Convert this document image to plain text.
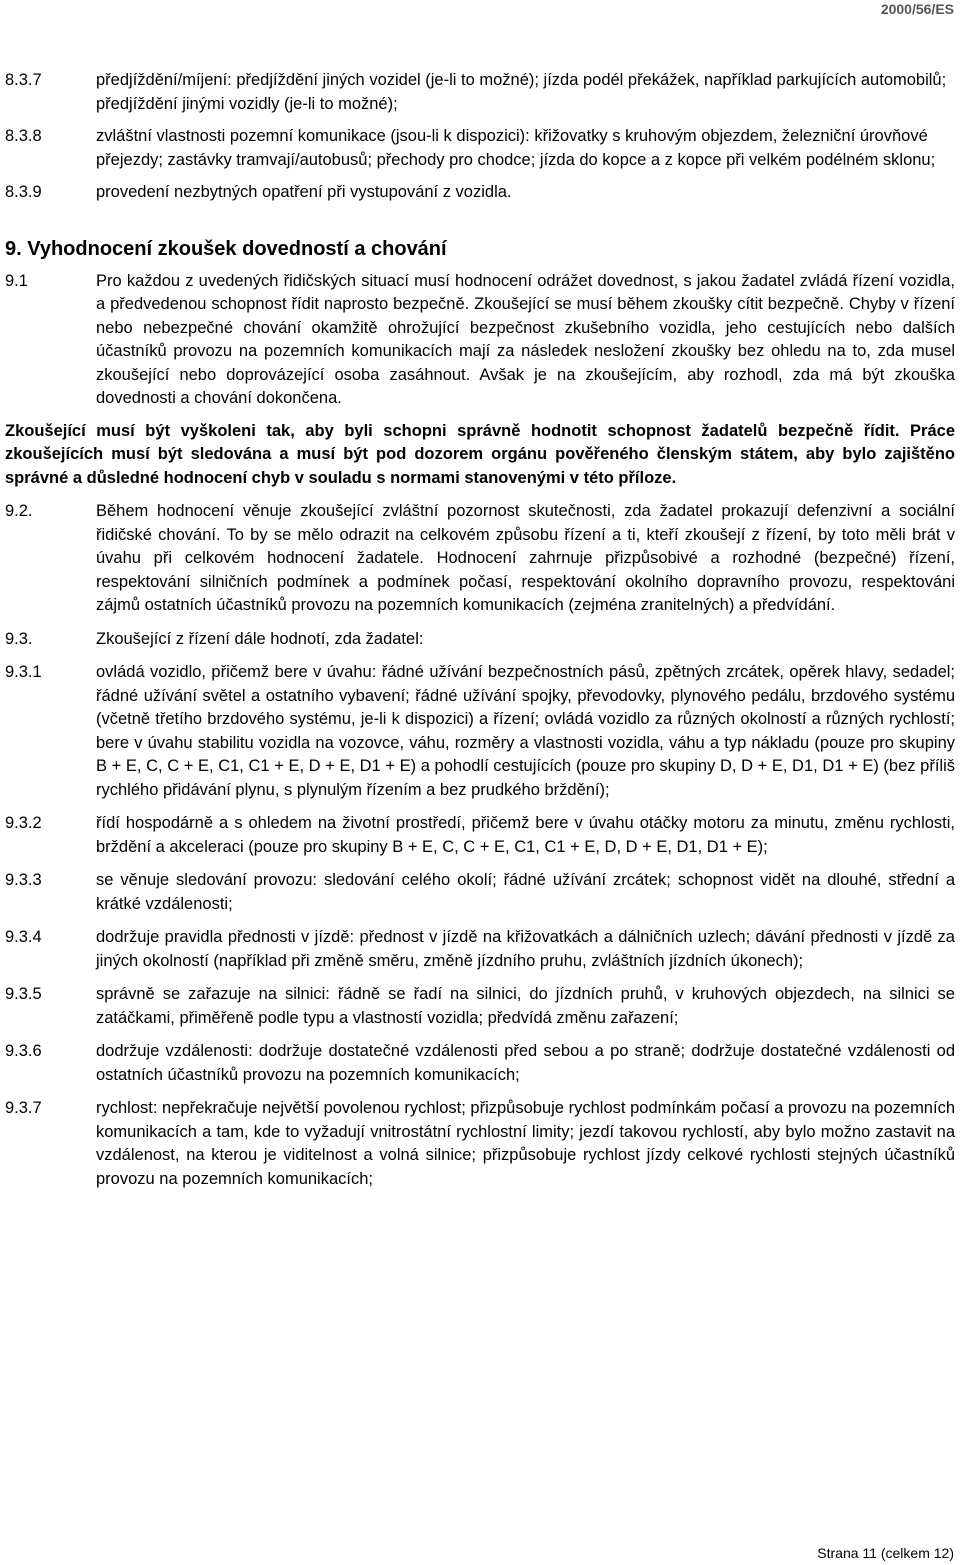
2000/56/ES
8.3.7	předjíždění/míjení: předjíždění jiných vozidel (je-li to možné); jízda podél překážek, například parkujících automobilů; předjíždění jinými vozidly (je-li to možné);
8.3.8	zvláštní vlastnosti pozemní komunikace (jsou-li k dispozici): křižovatky s kruhovým objezdem, železniční úrovňové přejezdy; zastávky tramvají/autobusů; přechody pro chodce; jízda do kopce a z kopce při velkém podélném sklonu;
8.3.9	provedení nezbytných opatření při vystupování z vozidla.
9. Vyhodnocení zkoušek dovedností a chování
9.1	Pro každou z uvedených řidičských situací musí hodnocení odrážet dovednost, s jakou žadatel zvládá řízení vozidla, a předvedenou schopnost řídit naprosto bezpečně. Zkoušející se musí během zkoušky cítit bezpečně. Chyby v řízení nebo nebezpečné chování okamžitě ohrožující bezpečnost zkušebního vozidla, jeho cestujících nebo dalších účastníků provozu na pozemních komunikacích mají za následek nesložení zkoušky bez ohledu na to, zda musel zkoušející nebo doprovázející osoba zasáhnout. Avšak je na zkoušejícím, aby rozhodl, zda má být zkouška dovednosti a chování dokončena.
Zkoušející musí být vyškoleni tak, aby byli schopni správně hodnotit schopnost žadatelů bezpečně řídit. Práce zkoušejících musí být sledována a musí být pod dozorem orgánu pověřeného členským státem, aby bylo zajištěno správné a důsledné hodnocení chyb v souladu s normami stanovenými v této příloze.
9.2.	Během hodnocení věnuje zkoušející zvláštní pozornost skutečnosti, zda žadatel prokazují defenzivní a sociální řidičské chování. To by se mělo odrazit na celkovém způsobu řízení a ti, kteří zkoušejí z řízení, by toto měli brát v úvahu při celkovém hodnocení žadatele. Hodnocení zahrnuje přizpůsobivé a rozhodné (bezpečné) řízení, respektování silničních podmínek a podmínek počasí, respektování okolního dopravního provozu, respektováni zájmů ostatních účastníků provozu na pozemních komunikacích (zejména zranitelných) a předvídání.
9.3.	Zkoušející z řízení dále hodnotí, zda žadatel:
9.3.1	ovládá vozidlo, přičemž bere v úvahu: řádné užívání bezpečnostních pásů, zpětných zrcátek, opěrek hlavy, sedadel; řádné užívání světel a ostatního vybavení; řádné užívání spojky, převodovky, plynového pedálu, brzdového systému (včetně třetího brzdového systému, je-li k dispozici) a řízení; ovládá vozidlo za různých okolností a různých rychlostí; bere v úvahu stabilitu vozidla na vozovce, váhu, rozměry a vlastnosti vozidla, váhu a typ nákladu (pouze pro skupiny B + E, C, C + E, C1, C1 + E, D + E, D1 + E) a pohodlí cestujících (pouze pro skupiny D, D + E, D1, D1 + E) (bez příliš rychlého přidávání plynu, s plynulým řízením a bez prudkého brždění);
9.3.2	řídí hospodárně a s ohledem na životní prostředí, přičemž bere v úvahu otáčky motoru za minutu, změnu rychlosti, brždění a akceleraci (pouze pro skupiny B + E, C, C + E, C1, C1 + E, D, D + E, D1, D1 + E);
9.3.3	se věnuje sledování provozu: sledování celého okolí; řádné užívání zrcátek; schopnost vidět na dlouhé, střední a krátké vzdálenosti;
9.3.4	dodržuje pravidla přednosti v jízdě: přednost v jízdě na křižovatkách a dálničních uzlech; dávání přednosti v jízdě za jiných okolností (například při změně směru, změně jízdního pruhu, zvláštních jízdních úkonech);
9.3.5	správně se zařazuje na silnici: řádně se řadí na silnici, do jízdních pruhů, v kruhových objezdech, na silnici se zatáčkami, přiměřeně podle typu a vlastností vozidla; předvídá změnu zařazení;
9.3.6	dodržuje vzdálenosti: dodržuje dostatečné vzdálenosti před sebou a po straně; dodržuje dostatečné vzdálenosti od ostatních účastníků provozu na pozemních komunikacích;
9.3.7	rychlost: nepřekračuje největší povolenou rychlost; přizpůsobuje rychlost podmínkám počasí a provozu na pozemních komunikacích a tam, kde to vyžadují vnitrostátní rychlostní limity; jezdí takovou rychlostí, aby bylo možno zastavit na vzdálenost, na kterou je viditelnost a volná silnice; přizpůsobuje rychlost jízdy celkové rychlosti stejných účastníků provozu na pozemních komunikacích;
Strana 11 (celkem 12)
